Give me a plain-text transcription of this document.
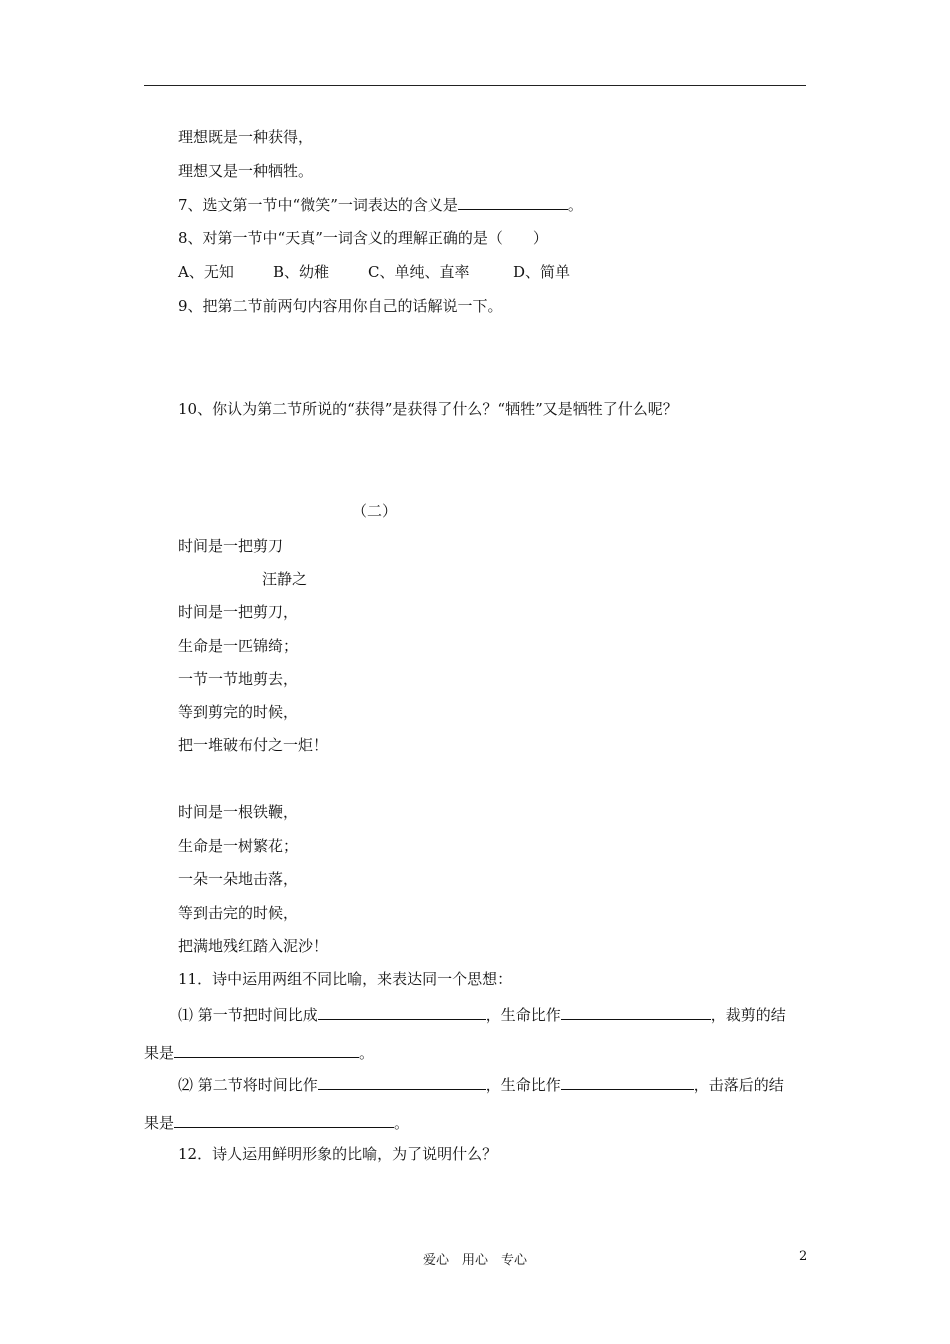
理想既是一种获得，
理想又是一种牺牲。
7、选文第一节中“微笑”一词表达的含义是	。
8、对第一节中“天真”一词含义的理解正确的是（　　）
A、无知	B、幼稚	C、单纯、直率	D、简单
9、把第二节前两句内容用你自己的话解说一下。
10、你认为第二节所说的“获得”是获得了什么？“牺牲”又是牺牲了什么呢？
（二）
时间是一把剪刀
汪静之
时间是一把剪刀，
生命是一匹锦绮；
一节一节地剪去，
等到剪完的时候，
把一堆破布付之一炬！
时间是一根铁鞭，
生命是一树繁花；
一朵一朵地击落，
等到击完的时候，
把满地残红踏入泥沙！
11．诗中运用两组不同比喻，来表达同一个思想：
⑴ 第一节把时间比成	，生命比作	，裁剪的结
果是	。
⑵ 第二节将时间比作	，生命比作	，击落后的结
果是	。
12．诗人运用鲜明形象的比喻，为了说明什么？
爱心　用心　专心	2
